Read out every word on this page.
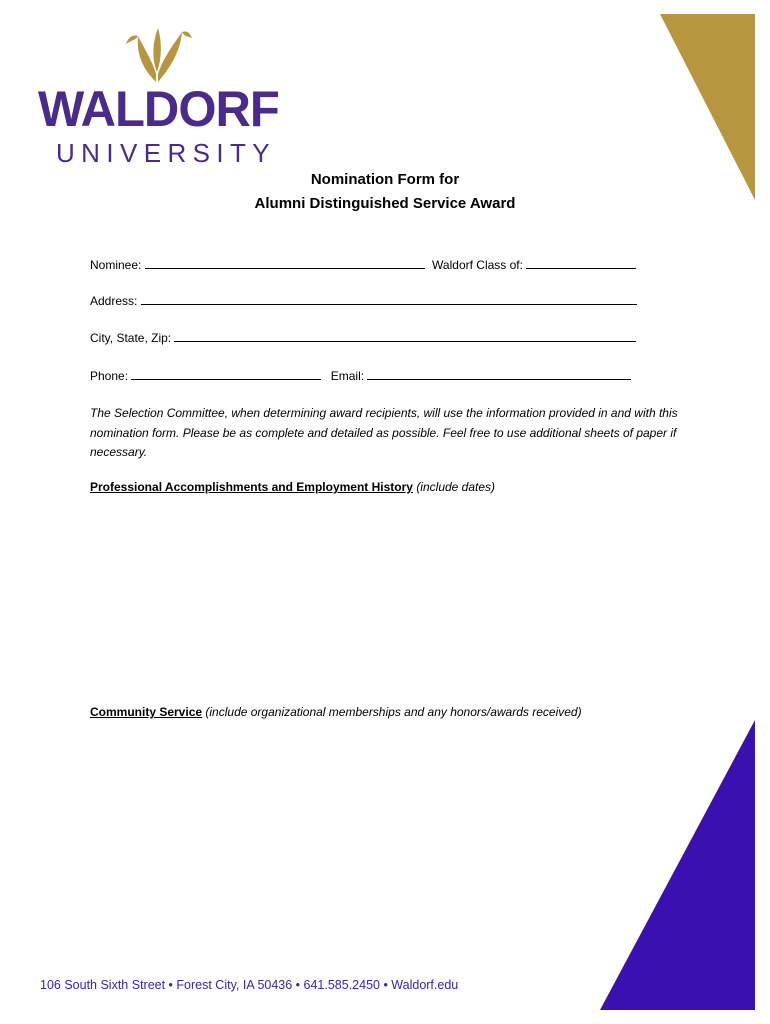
WALDORF
UNIVERSITY
Nomination Form for
Alumni Distinguished Service Award
Nominee:	Waldorf Class of:
Address:
City, State, Zip:
Phone:	Email:
The Selection Committee, when determining award recipients, will use the information provided in and with this nomination form. Please be as complete and detailed as possible. Feel free to use additional sheets of paper if necessary.
Professional Accomplishments and Employment History (include dates)
Community Service (include organizational memberships and any honors/awards received)
106 South Sixth Street • Forest City, IA 50436 • 641.585.2450 • Waldorf.edu
